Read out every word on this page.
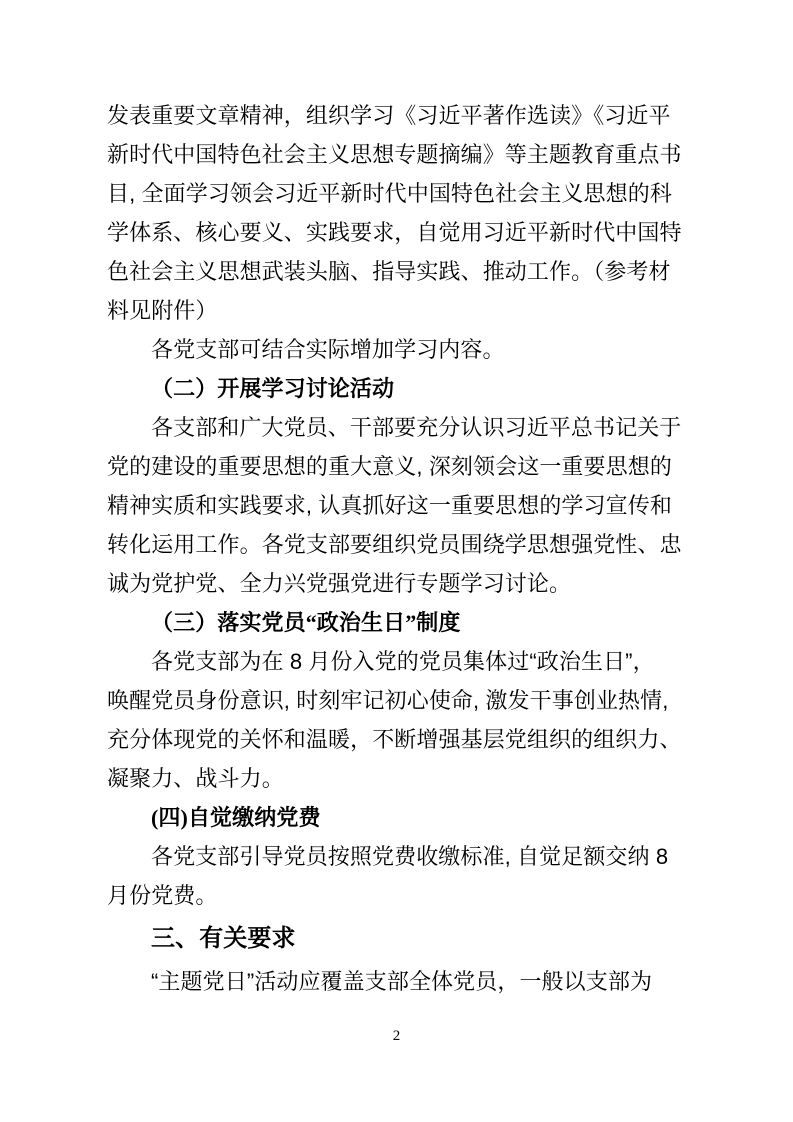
发表重要文章精神，组织学习《习近平著作选读》《习近平
新时代中国特色社会主义思想专题摘编》等主题教育重点书
目, 全面学习领会习近平新时代中国特色社会主义思想的科
学体系、核心要义、实践要求，自觉用习近平新时代中国特
色社会主义思想武装头脑、指导实践、推动工作。（参考材
料见附件）
各党支部可结合实际增加学习内容。
（二）开展学习讨论活动
各支部和广大党员、干部要充分认识习近平总书记关于
党的建设的重要思想的重大意义, 深刻领会这一重要思想的
精神实质和实践要求, 认真抓好这一重要思想的学习宣传和
转化运用工作。各党支部要组织党员围绕学思想强党性、忠
诚为党护党、全力兴党强党进行专题学习讨论。
（三）落实党员“政治生日”制度
各党支部为在 8 月份入党的党员集体过“政治生日”，
唤醒党员身份意识, 时刻牢记初心使命, 激发干事创业热情,
充分体现党的关怀和温暖，不断增强基层党组织的组织力、
凝聚力、战斗力。
(四)自觉缴纳党费
各党支部引导党员按照党费收缴标准, 自觉足额交纳 8
月份党费。
三、有关要求
“主题党日”活动应覆盖支部全体党员，一般以支部为
2
